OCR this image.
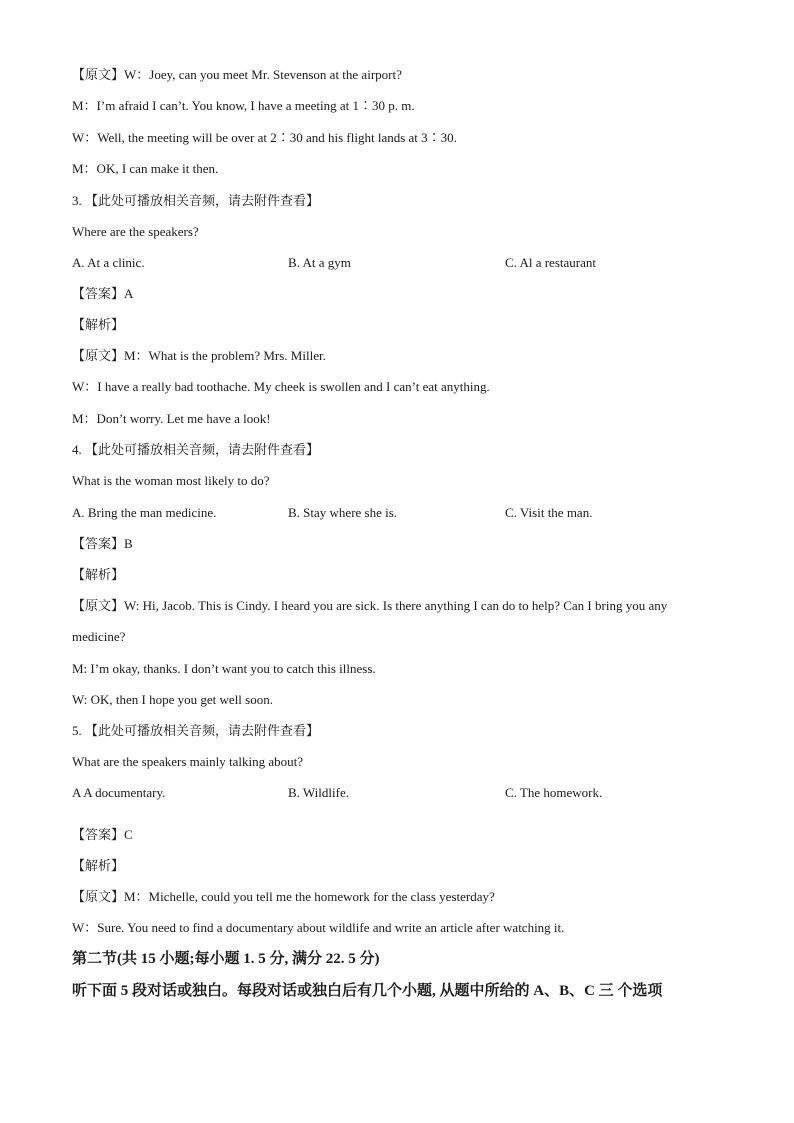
【原文】W：Joey, can you meet Mr. Stevenson at the airport?
M：I’m afraid I can’t. You know, I have a meeting at 1∶30 p. m.
W：Well, the meeting will be over at 2∶30 and his flight lands at 3∶30.
M：OK, I can make it then.
3. 【此处可播放相关音频，请去附件查看】
Where are the speakers?
A. At a clinic.	B. At a gym	C. Al a restaurant
【答案】A
【解析】
【原文】M：What is the problem? Mrs. Miller.
W：I have a really bad toothache. My cheek is swollen and I can’t eat anything.
M：Don’t worry. Let me have a look!
4. 【此处可播放相关音频，请去附件查看】
What is the woman most likely to do?
A. Bring the man medicine.	B. Stay where she is.	C. Visit the man.
【答案】B
【解析】
【原文】W: Hi, Jacob. This is Cindy. I heard you are sick. Is there anything I can do to help? Can I bring you any
medicine?
M: I’m okay, thanks. I don’t want you to catch this illness.
W: OK, then I hope you get well soon.
5. 【此处可播放相关音频，请去附件查看】
What are the speakers mainly talking about?
A A documentary.	B. Wildlife.	C. The homework.
【答案】C
【解析】
【原文】M：Michelle, could you tell me the homework for the class yesterday?
W：Sure. You need to find a documentary about wildlife and write an article after watching it.
第二节(共 15 小题;每小题 1. 5 分, 满分 22. 5 分)
听下面 5 段对话或独白。每段对话或独白后有几个小题, 从题中所给的 A、B、C 三 个选项
